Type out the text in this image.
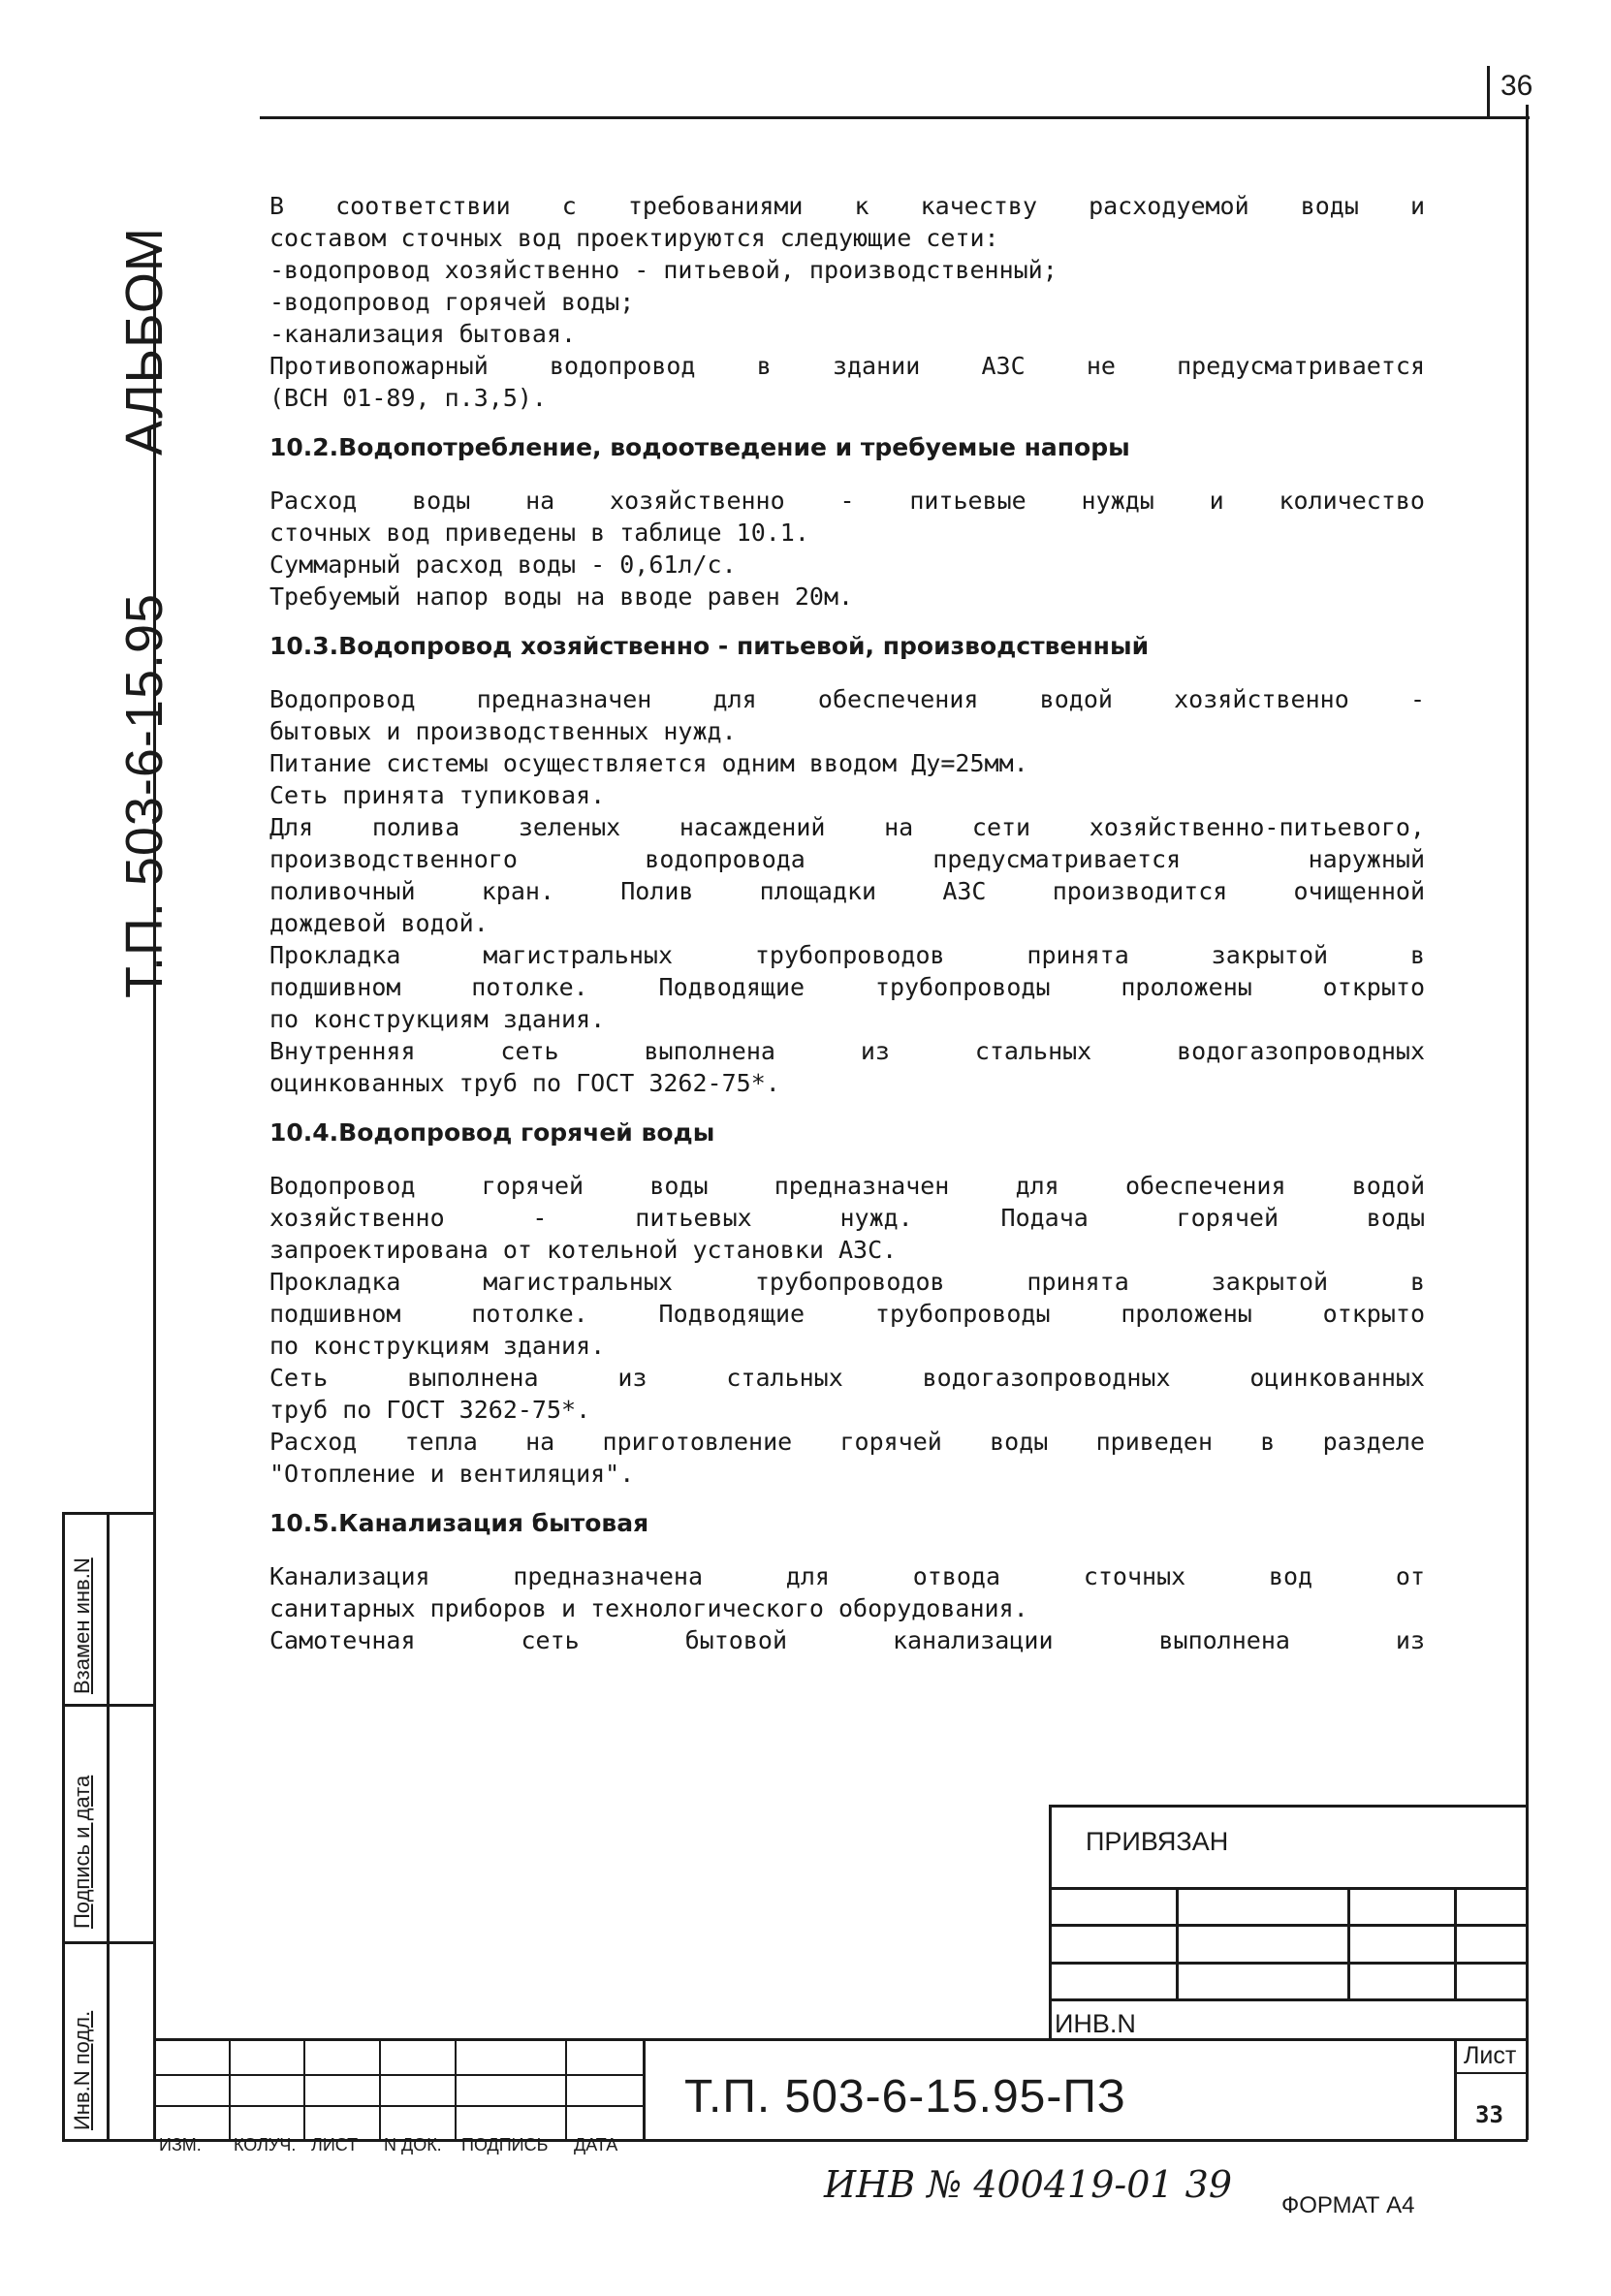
36
АЛЬБОМ
Т.П. 503-6-15.95
Взамен инв.N
Подпись и дата
Инв.N подл.

В соответствии с требованиями к качеству расходуемой воды и

составом сточных вод проектируются следующие сети:

-водопровод хозяйственно - питьевой, производственный;

-водопровод горячей воды;

-канализация бытовая.

Противопожарный водопровод в здании АЗС не предусматривается

(ВСН 01-89, п.3,5).

10.2.Водопотребление, водоотведение и требуемые напоры

Расход воды на хозяйственно - питьевые нужды и количество

сточных вод приведены в таблице 10.1.

Суммарный расход воды - 0,61л/с.

Требуемый напор воды на вводе равен 20м.

10.3.Водопровод хозяйственно - питьевой, производственный

Водопровод предназначен для обеспечения водой хозяйственно -

бытовых и производственных нужд.

Питание системы осуществляется одним вводом Ду=25мм.

Сеть принята тупиковая.

Для полива зеленых насаждений на сети хозяйственно-питьевого,

производственного водопровода предусматривается наружный

поливочный кран. Полив площадки АЗС производится очищенной

дождевой водой.

Прокладка магистральных трубопроводов принята закрытой в

подшивном потолке. Подводящие трубопроводы проложены открыто

по конструкциям здания.

Внутренняя сеть выполнена из стальных водогазопроводных

оцинкованных труб по ГОСТ 3262-75*.

10.4.Водопровод горячей воды

Водопровод горячей воды предназначен для обеспечения водой

хозяйственно - питьевых нужд. Подача горячей воды

запроектирована от котельной установки АЗС.

Прокладка магистральных трубопроводов принята закрытой в

подшивном потолке. Подводящие трубопроводы проложены открыто

по конструкциям здания.

Сеть выполнена из стальных водогазопроводных оцинкованных

труб по ГОСТ 3262-75*.

Расход тепла на приготовление горячей воды приведен в разделе

"Отопление и вентиляция".

10.5.Канализация бытовая

Канализация предназначена для отвода сточных вод от

санитарных приборов и технологического оборудования.

Самотечная сеть бытовой канализации выполнена из

ПРИВЯЗАН
ИНВ.N
ИЗМ. КОЛУЧ. ЛИСТ N ДОК. ПОДПИСЬ ДАТА
Т.П. 503-6-15.95-ПЗ
Лист
33
ИНВ № 400419-01 39 ФОРМАТ А4
